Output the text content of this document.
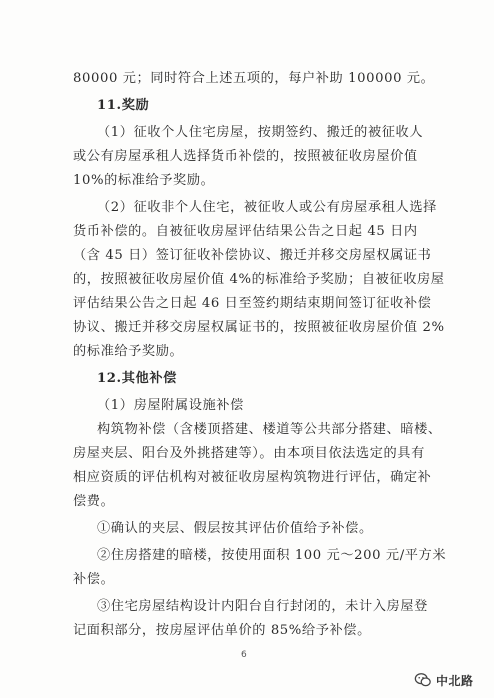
80000 元；同时符合上述五项的，每户补助 100000 元。
11.奖励
（1）征收个人住宅房屋，按期签约、搬迁的被征收人
或公有房屋承租人选择货币补偿的，按照被征收房屋价值
10%的标准给予奖励。
（2）征收非个人住宅，被征收人或公有房屋承租人选择
货币补偿的。自被征收房屋评估结果公告之日起 45 日内
（含 45 日）签订征收补偿协议、搬迁并移交房屋权属证书
的，按照被征收房屋价值 4%的标准给予奖励；自被征收房屋
评估结果公告之日起 46 日至签约期结束期间签订征收补偿
协议、搬迁并移交房屋权属证书的，按照被征收房屋价值 2%
的标准给予奖励。
12.其他补偿
（1）房屋附属设施补偿
构筑物补偿（含楼顶搭建、楼道等公共部分搭建、暗楼、
房屋夹层、阳台及外挑搭建等）。由本项目依法选定的具有
相应资质的评估机构对被征收房屋构筑物进行评估，确定补
偿费。
①确认的夹层、假层按其评估价值给予补偿。
②住房搭建的暗楼，按使用面积 100 元～200 元/平方米
补偿。
③住宅房屋结构设计内阳台自行封闭的，未计入房屋登
记面积部分，按房屋评估单价的 85%给予补偿。
6
中北路
